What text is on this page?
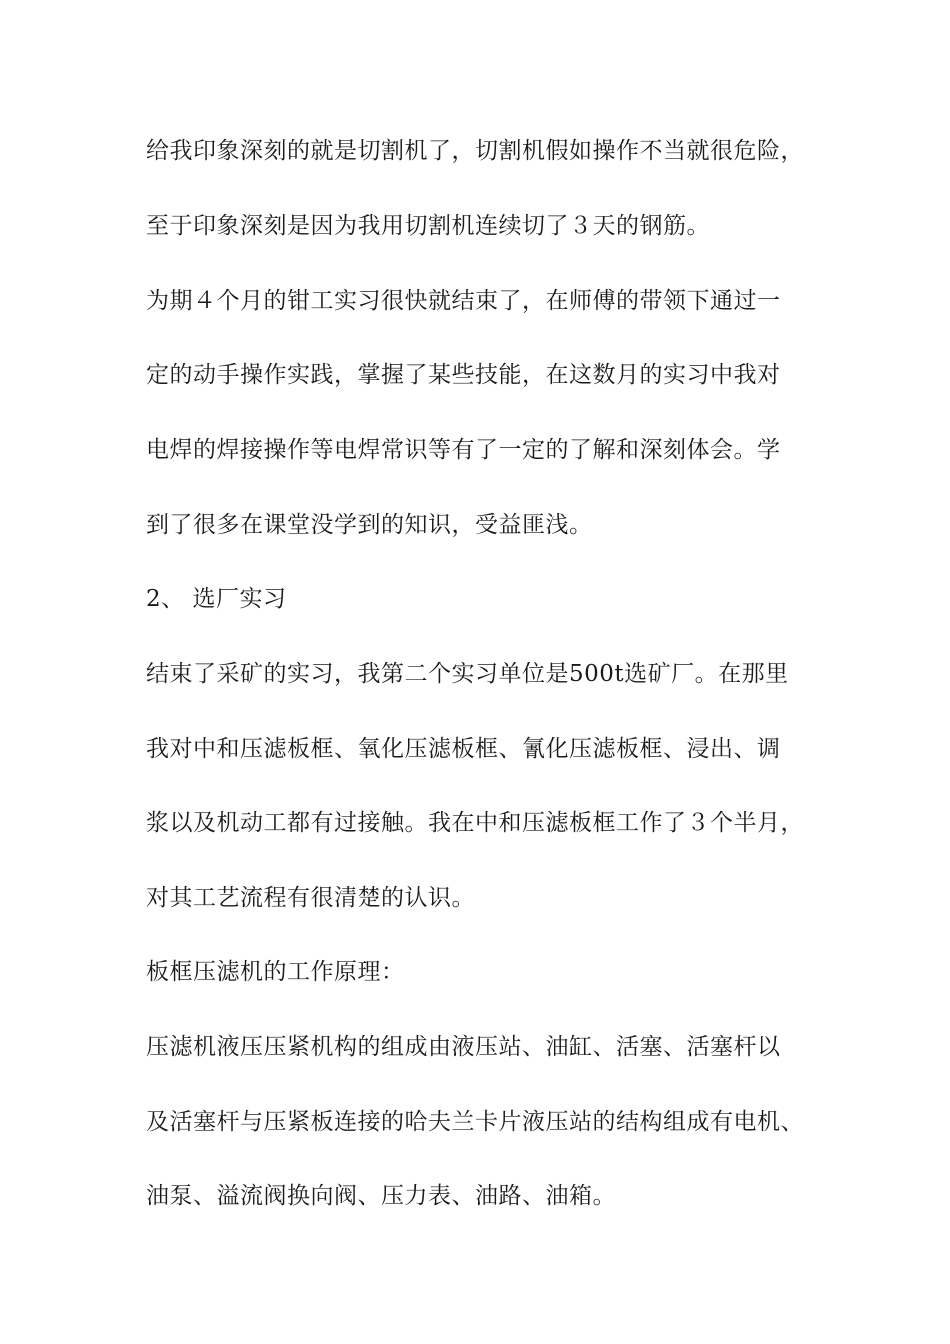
给我印象深刻的就是切割机了，切割机假如操作不当就很危险，
至于印象深刻是因为我用切割机连续切了３天的钢筋。
为期４个月的钳工实习很快就结束了，在师傅的带领下通过一
定的动手操作实践，掌握了某些技能，在这数月的实习中我对
电焊的焊接操作等电焊常识等有了一定的了解和深刻体会。学
到了很多在课堂没学到的知识，受益匪浅。
2、 选厂实习
结束了采矿的实习，我第二个实习单位是500t选矿厂。在那里
我对中和压滤板框、氧化压滤板框、氰化压滤板框、浸出、调
浆以及机动工都有过接触。我在中和压滤板框工作了３个半月，
对其工艺流程有很清楚的认识。
板框压滤机的工作原理：
压滤机液压压紧机构的组成由液压站、油缸、活塞、活塞杆以
及活塞杆与压紧板连接的哈夫兰卡片液压站的结构组成有电机、
油泵、溢流阀换向阀、压力表、油路、油箱。
